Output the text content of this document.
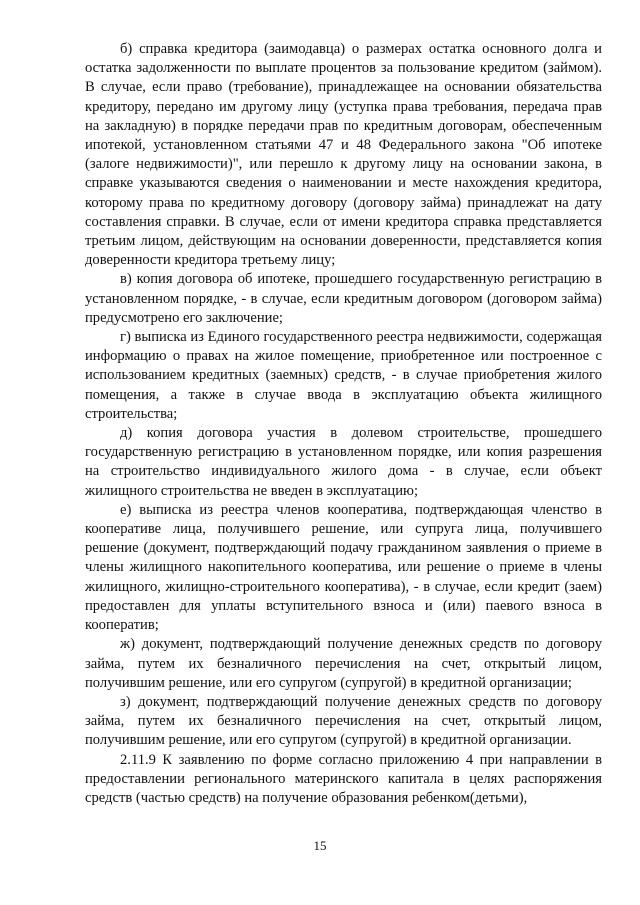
б) справка кредитора (заимодавца) о размерах остатка основного долга и остатка задолженности по выплате процентов за пользование кредитом (займом). В случае, если право (требование), принадлежащее на основании обязательства кредитору, передано им другому лицу (уступка права требования, передача прав на закладную) в порядке передачи прав по кредитным договорам, обеспеченным ипотекой, установленном статьями 47 и 48 Федерального закона "Об ипотеке (залоге недвижимости)", или перешло к другому лицу на основании закона, в справке указываются сведения о наименовании и месте нахождения кредитора, которому права по кредитному договору (договору займа) принадлежат на дату составления справки. В случае, если от имени кредитора справка представляется третьим лицом, действующим на основании доверенности, представляется копия доверенности кредитора третьему лицу;

в) копия договора об ипотеке, прошедшего государственную регистрацию в установленном порядке, - в случае, если кредитным договором (договором займа) предусмотрено его заключение;

г) выписка из Единого государственного реестра недвижимости, содержащая информацию о правах на жилое помещение, приобретенное или построенное с использованием кредитных (заемных) средств, - в случае приобретения жилого помещения, а также в случае ввода в эксплуатацию объекта жилищного строительства;

д) копия договора участия в долевом строительстве, прошедшего государственную регистрацию в установленном порядке, или копия разрешения на строительство индивидуального жилого дома - в случае, если объект жилищного строительства не введен в эксплуатацию;

е) выписка из реестра членов кооператива, подтверждающая членство в кооперативе лица, получившего решение, или супруга лица, получившего решение (документ, подтверждающий подачу гражданином заявления о приеме в члены жилищного накопительного кооператива, или решение о приеме в члены жилищного, жилищно-строительного кооператива), - в случае, если кредит (заем) предоставлен для уплаты вступительного взноса и (или) паевого взноса в кооператив;

ж) документ, подтверждающий получение денежных средств по договору займа, путем их безналичного перечисления на счет, открытый лицом, получившим решение, или его супругом (супругой) в кредитной организации;

з) документ, подтверждающий получение денежных средств по договору займа, путем их безналичного перечисления на счет, открытый лицом, получившим решение, или его супругом (супругой) в кредитной организации.

2.11.9 К заявлению по форме согласно приложению 4 при направлении в предоставлении регионального материнского капитала в целях распоряжения средств (частью средств) на получение образования ребенком(детьми),

15
